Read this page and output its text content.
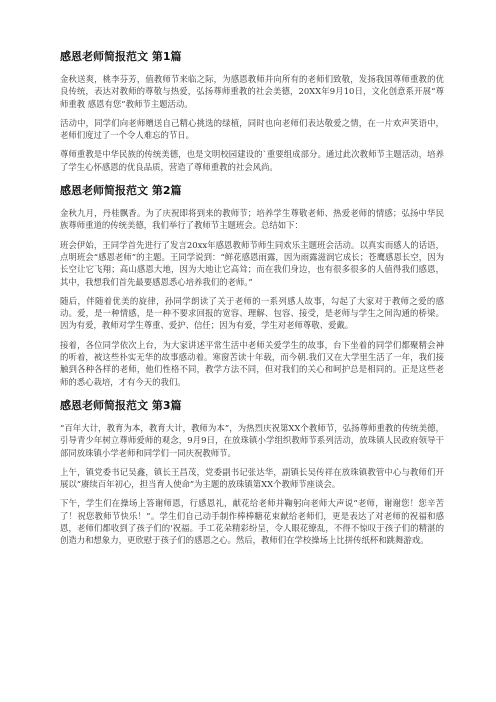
感恩老师简报范文 第1篇

金秋送爽，桃李芬芳，值教师节来临之际，为感恩教师并向所有的老师们致敬，发扬我国尊师重教的优良传统，表达对教师的尊敬与热爱，弘扬尊师重教的社会美德，20XX年9月10日，文化创意系开展“尊师重教 感恩有您”教师节主题活动。

活动中，同学们向老师赠送自己精心挑选的绿植，同时也向老师们表达敬爱之情，在一片欢声笑语中，老师们度过了一个令人难忘的节日。

尊师重教是中华民族的传统美德，也是文明校园建设的`重要组成部分。通过此次教师节主题活动，培养了学生心怀感恩的优良品质，营造了尊师重教的社会风尚。

感恩老师简报范文 第2篇

金秋九月，丹桂飘香。为了庆祝即将到来的教师节；培养学生尊敬老师、热爱老师的情感；弘扬中华民族尊师重道的传统美德，我们举行了教师节主题班会。总结如下：

班会伊始，王同学首先进行了发言20xx年感恩教师节师生同欢乐主题班会活动。以真实而感人的话语，点明班会“感恩老师”的主题。王同学说到：“鲜花感恩雨露，因为雨露滋润它成长；苍鹰感恩长空，因为长空让它飞翔；高山感恩大地，因为大地让它高耸；而在我们身边，也有很多很多的人值得我们感恩，其中，我想我们首先最要感恩悉心培养我们的老师。”

随后，伴随着优美的旋律，孙同学朗读了关于老师的一系列感人故事，勾起了大家对于教师之爱的感动。爱，是一种情感，是一种不要求回报的宽容、理解、包容、接受，是老师与学生之间沟通的桥梁。因为有爱，教师对学生尊重、爱护、信任；因为有爱，学生对老师尊敬、爱戴。

接着，各位同学依次上台，为大家讲述平常生活中老师关爱学生的故事，台下坐着的同学们都聚精会神的听着，被这些朴实无华的故事感动着。寒窗苦读十年载，而今朝.我们又在大学里生活了一年，我们接触到各种各样的老师，他们性格不同，教学方法不同，但对我们的关心和呵护总是相同的。正是这些老师的悉心栽培，才有今天的我们。

感恩老师简报范文 第3篇

“百年大计，教育为本，教育大计，教师为本”，为热烈庆祝第XX个教师节，弘扬尊师重教的传统美德，引导青少年树立尊师爱师的观念，9月9日，在放珠镇小学组织教师节系列活动，放珠镇人民政府领导干部同放珠镇小学老师和同学们一同庆祝教师节。

上午，镇党委书记吴鑫，镇长王昌茂，党委副书记张达华，副镇长吴传祥在放珠镇教管中心与教师们开展以“赓续百年初心，担当育人使命”为主题的放珠镇第XX个教师节座谈会。

下午，学生们在操场上答谢师恩，行感恩礼，献花给老师并鞠躬向老师大声说“老师，谢谢您！您辛苦了！祝您教师节快乐！”。学生们自己动手制作棒棒糖花束献给老师们，更是表达了对老师的祝福和感恩，老师们都收到了孩子们的'祝福。手工花朵精彩纷呈，令人眼花缭乱，不得不惊叹于孩子们的精湛的创造力和想象力，更欣慰于孩子们的感恩之心。然后，教师们在学校操场上比拼传纸杯和跳舞游戏。
